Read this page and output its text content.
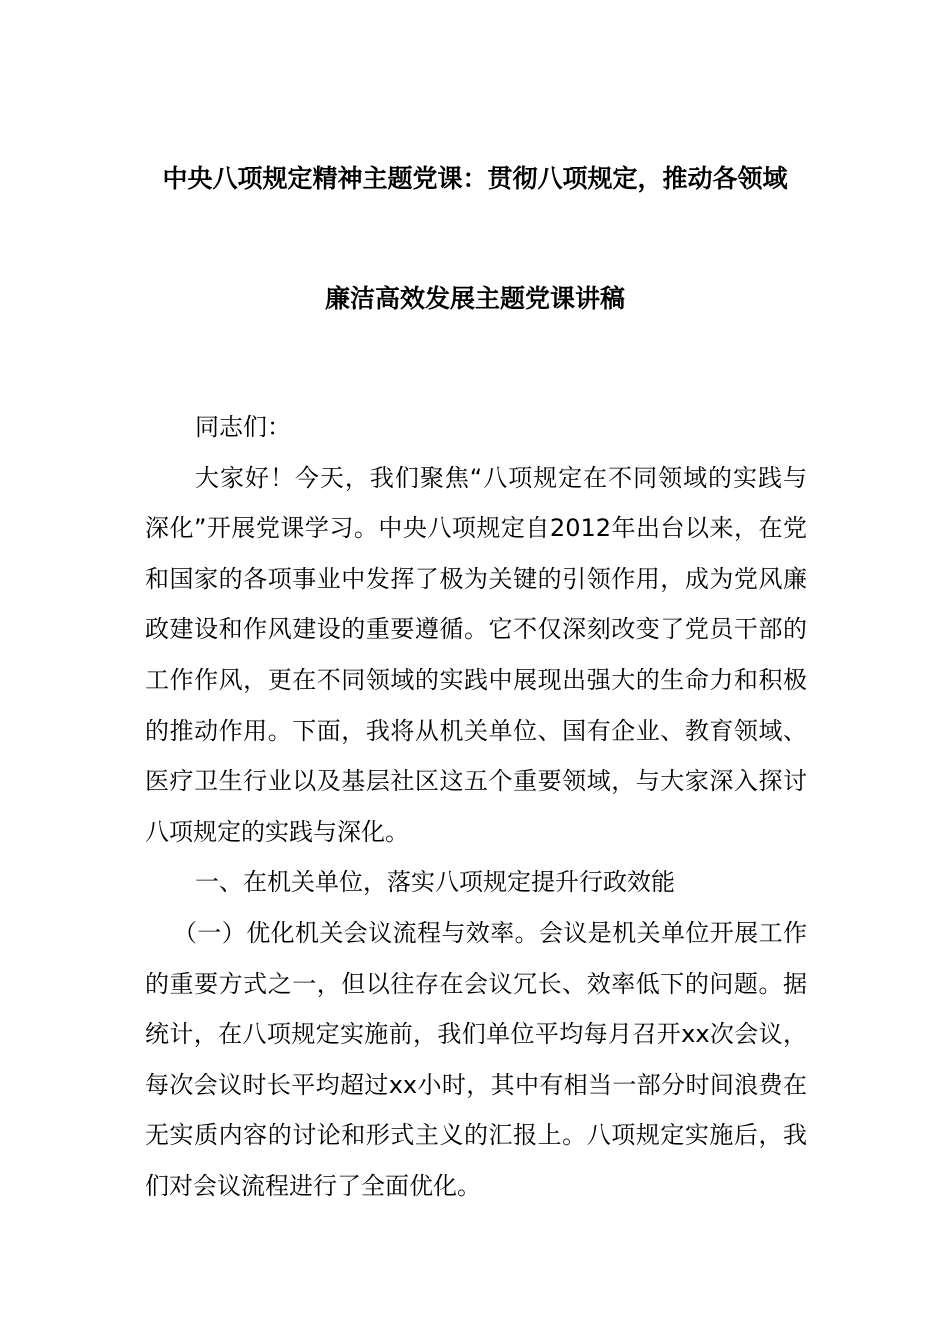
中央八项规定精神主题党课：贯彻八项规定，推动各领域
廉洁高效发展主题党课讲稿

同志们：

大家好！今天，我们聚焦“八项规定在不同领域的实践与深化”开展党课学习。中央八项规定自2012年出台以来，在党和国家的各项事业中发挥了极为关键的引领作用，成为党风廉政建设和作风建设的重要遵循。它不仅深刻改变了党员干部的工作作风，更在不同领域的实践中展现出强大的生命力和积极的推动作用。下面，我将从机关单位、国有企业、教育领域、医疗卫生行业以及基层社区这五个重要领域，与大家深入探讨八项规定的实践与深化。

一、在机关单位，落实八项规定提升行政效能

（一）优化机关会议流程与效率。会议是机关单位开展工作的重要方式之一，但以往存在会议冗长、效率低下的问题。据统计，在八项规定实施前，我们单位平均每月召开xx次会议，每次会议时长平均超过xx小时，其中有相当一部分时间浪费在无实质内容的讨论和形式主义的汇报上。八项规定实施后，我们对会议流程进行了全面优化。
